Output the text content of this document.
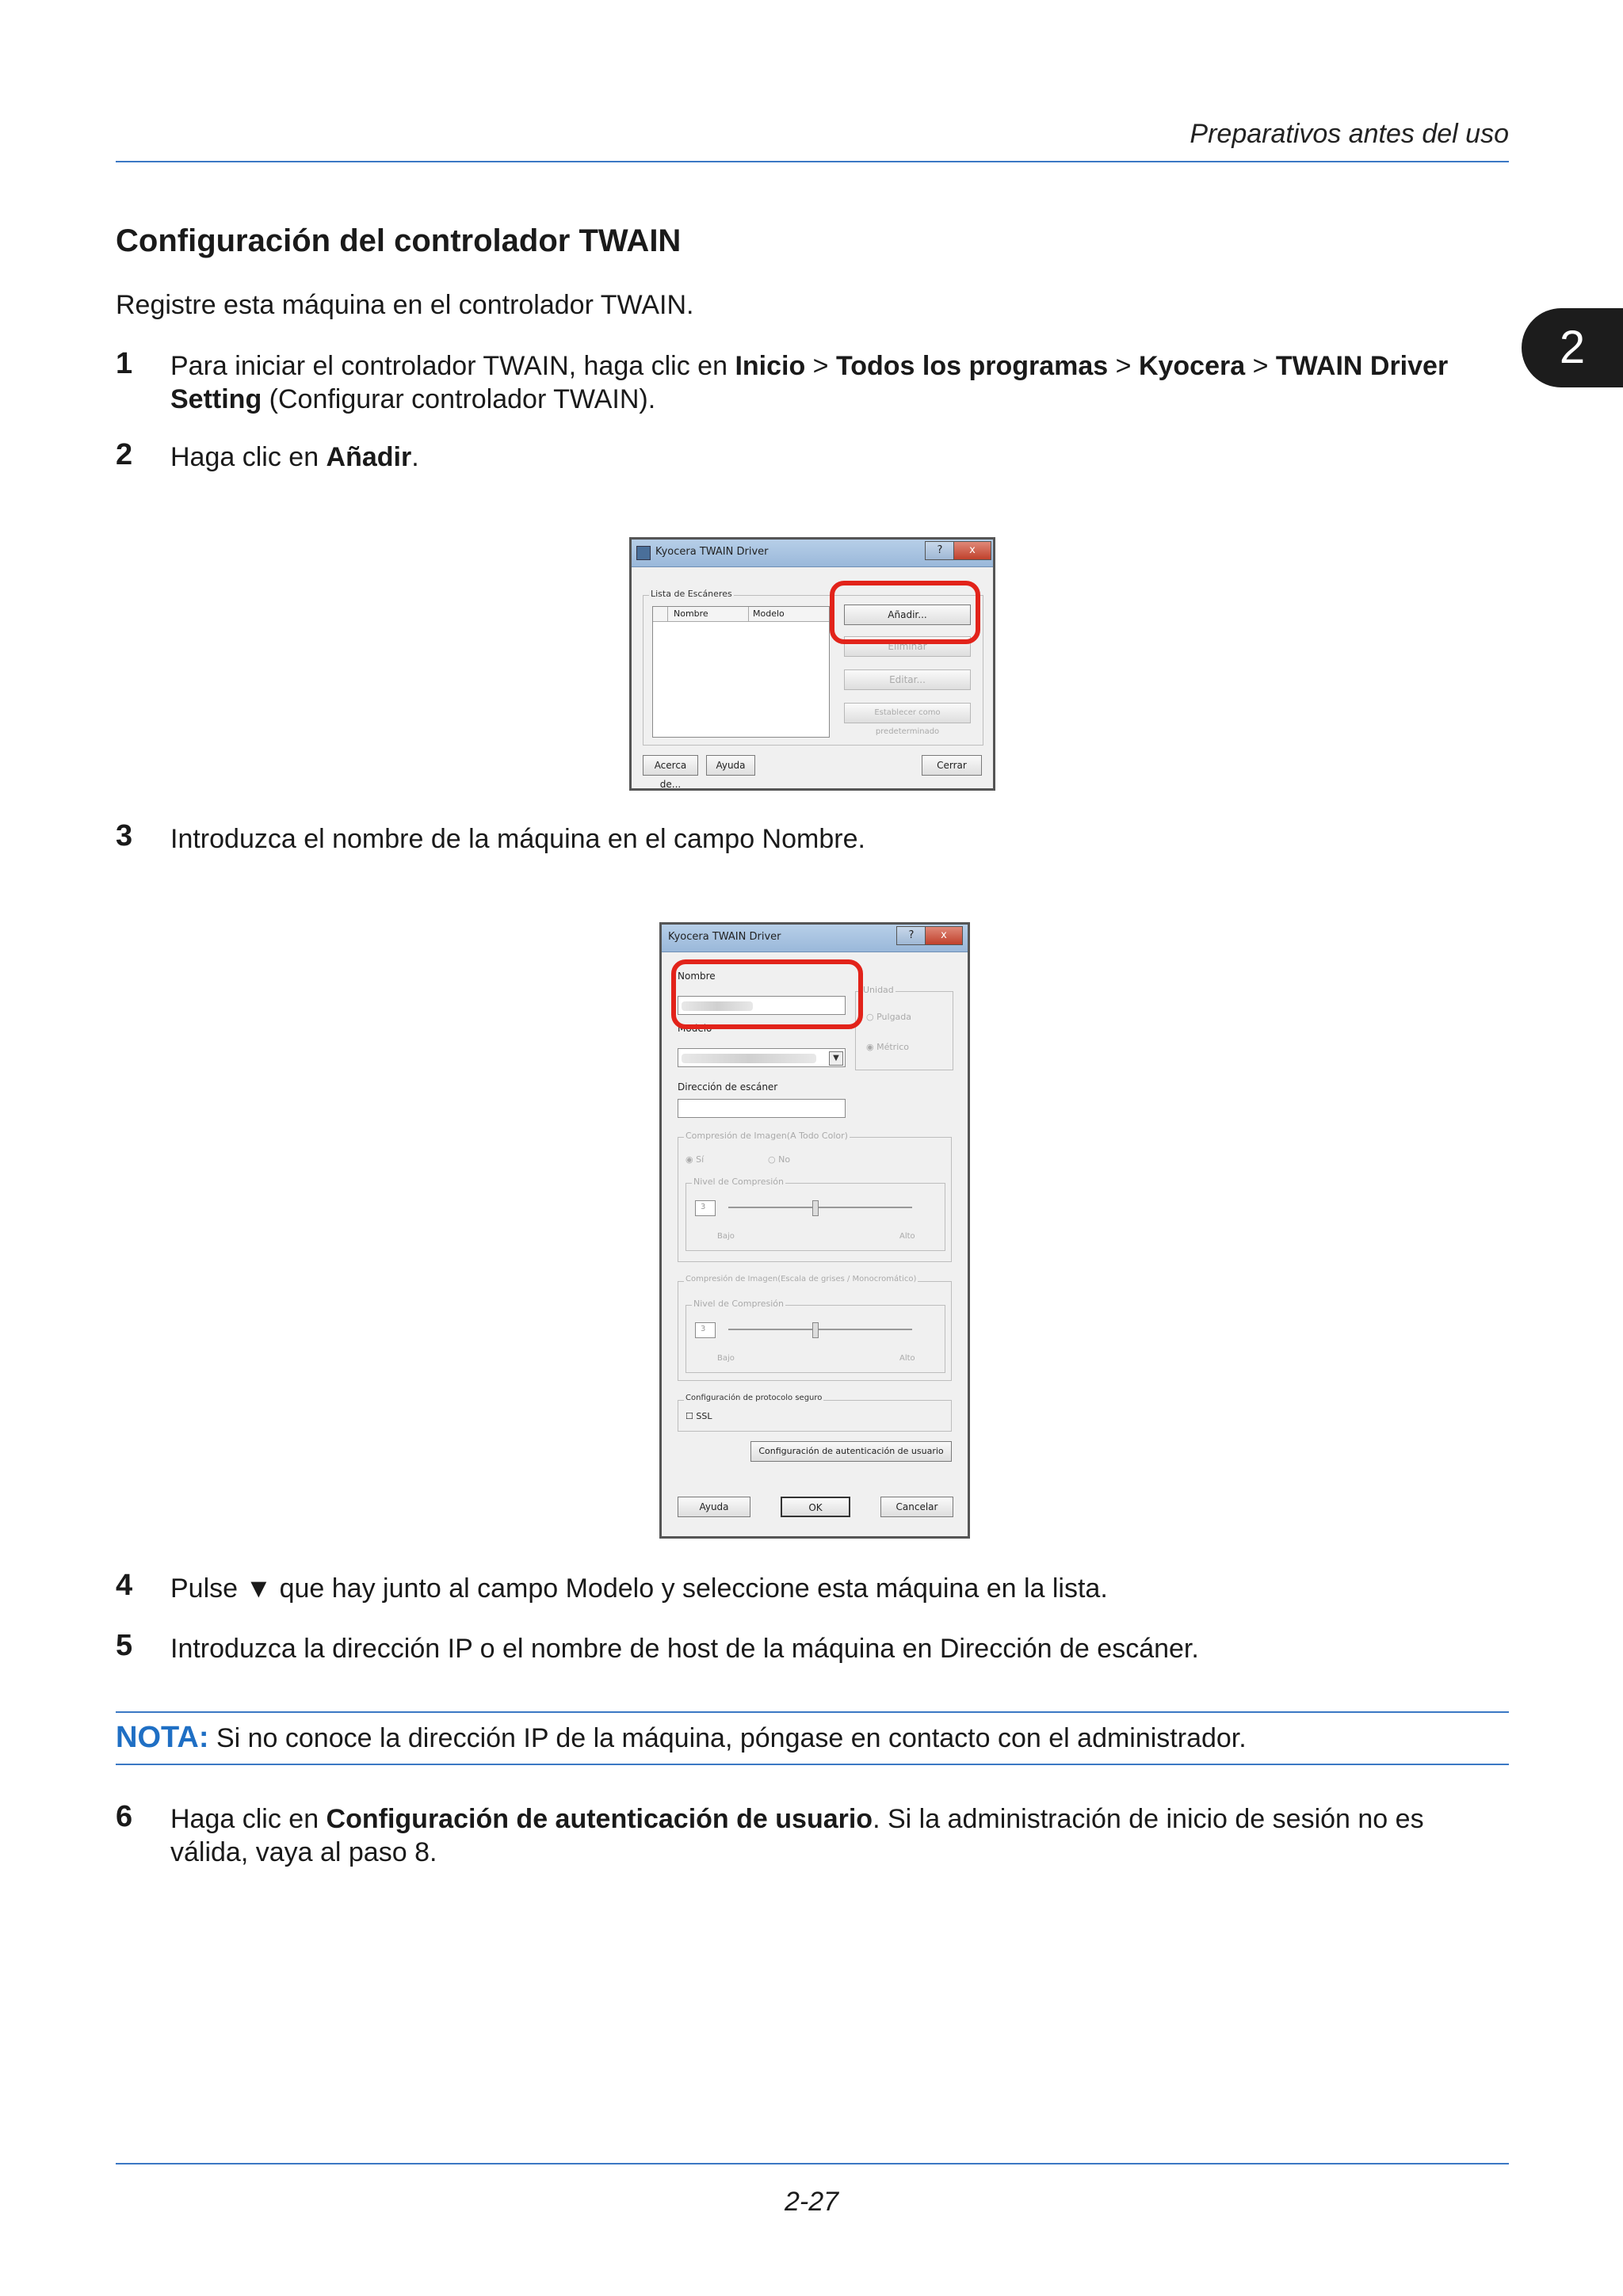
Preparativos antes del uso
2
Configuración del controlador TWAIN
Registre esta máquina en el controlador TWAIN.
1 Para iniciar el controlador TWAIN, haga clic en Inicio > Todos los programas > Kyocera > TWAIN Driver Setting (Configurar controlador TWAIN).
2 Haga clic en Añadir.
Kyocera TWAIN Driver	?	x
Lista de Escáneres
Nombre	Modelo	Añadir...
Eliminar
Editar...
Establecer como predeterminado
Acerca de...
Ayuda	Cerrar
3 Introduzca el nombre de la máquina en el campo Nombre.
Kyocera TWAIN Driver	?	x
Nombre
Modelo
▼
Unidad
○ Pulgada
◉ Métrico
Dirección de escáner
Compresión de Imagen(A Todo Color)
◉ Sí	○ No
Nivel de Compresión
3
Bajo	Alto
Compresión de Imagen(Escala de grises / Monocromático)
Nivel de Compresión
3
Bajo	Alto
Configuración de protocolo seguro
☐ SSL
Configuración de autenticación de usuario
Ayuda	OK	Cancelar
4 Pulse ▼ que hay junto al campo Modelo y seleccione esta máquina en la lista.
5 Introduzca la dirección IP o el nombre de host de la máquina en Dirección de escáner.
NOTA: Si no conoce la dirección IP de la máquina, póngase en contacto con el administrador.
6 Haga clic en Configuración de autenticación de usuario. Si la administración de inicio de sesión no es válida, vaya al paso 8.
2-27
